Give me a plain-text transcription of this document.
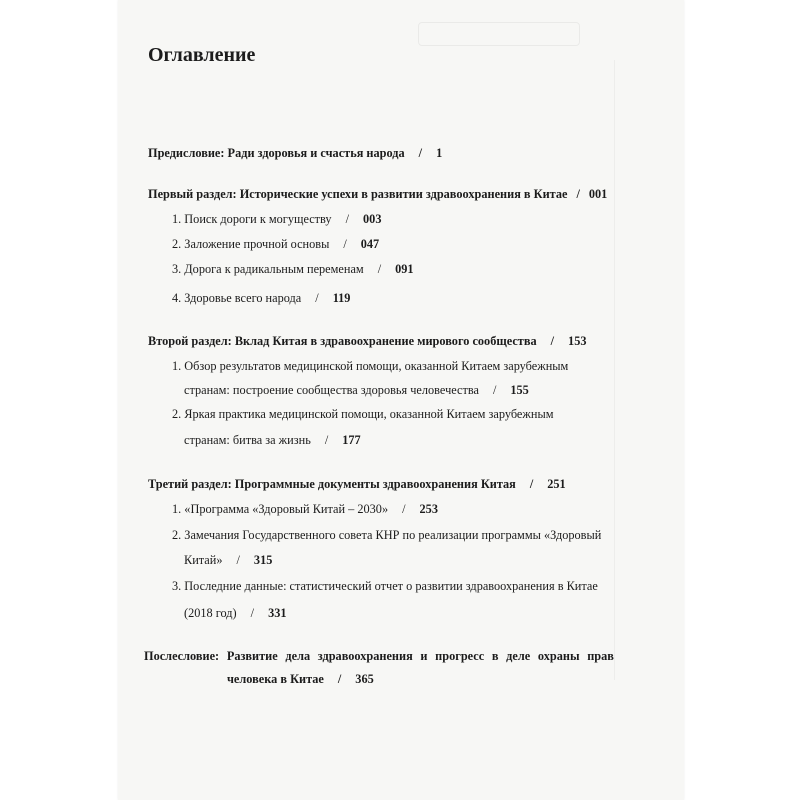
Оглавление
Предисловие: Ради здоровья и счастья народа / 1
Первый раздел: Исторические успехи в развитии здравоохранения в Китае / 001
1. Поиск дороги к могуществу / 003
2. Заложение прочной основы / 047
3. Дорога к радикальным переменам / 091
4. Здоровье всего народа / 119
Второй раздел: Вклад Китая в здравоохранение мирового сообщества / 153
1. Обзор результатов медицинской помощи, оказанной Китаем зарубежным
странам: построение сообщества здоровья человечества / 155
2. Яркая практика медицинской помощи, оказанной Китаем зарубежным
странам: битва за жизнь / 177
Третий раздел: Программные документы здравоохранения Китая / 251
1. «Программа «Здоровый Китай – 2030» / 253
2. Замечания Государственного совета КНР по реализации программы «Здоровый
Китай» / 315
3. Последние данные: статистический отчет о развитии здравоохранения в Китае
(2018 год) / 331
Послесловие: Развитие дела здравоохранения и прогресс в деле охраны прав
человека в Китае / 365
